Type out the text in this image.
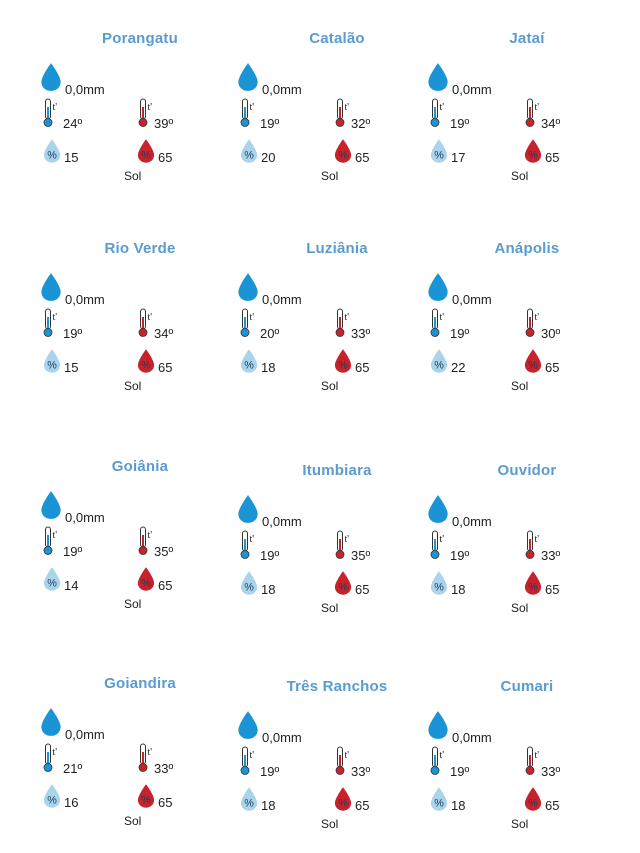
Porangatu
0,0mm
t'
24º
t'
39º
% 15	% 65
Sol
Catalão
0,0mm
t'
19º
t'
32º
% 20	% 65
Sol
Jataí
0,0mm
t'
19º
t'
34º
% 17	% 65
Sol
Rio Verde
0,0mm
t'
19º
t'
34º
% 15	% 65
Sol
Luziânia
0,0mm
t'
20º
t'
33º
% 18	% 65
Sol
Anápolis
0,0mm
t'
19º
t'
30º
% 22	% 65
Sol
Goiânia
0,0mm
t'
19º
t'
35º
% 14	% 65
Sol
Itumbiara
0,0mm
t'
19º
t'
35º
% 18	% 65
Sol
Ouvidor
0,0mm
t'
19º
t'
33º
% 18	% 65
Sol
Goiandira
0,0mm
t'
21º
t'
33º
% 16	% 65
Sol
Três Ranchos
0,0mm
t'
19º
t'
33º
% 18	% 65
Sol
Cumari
0,0mm
t'
19º
t'
33º
% 18	% 65
Sol
